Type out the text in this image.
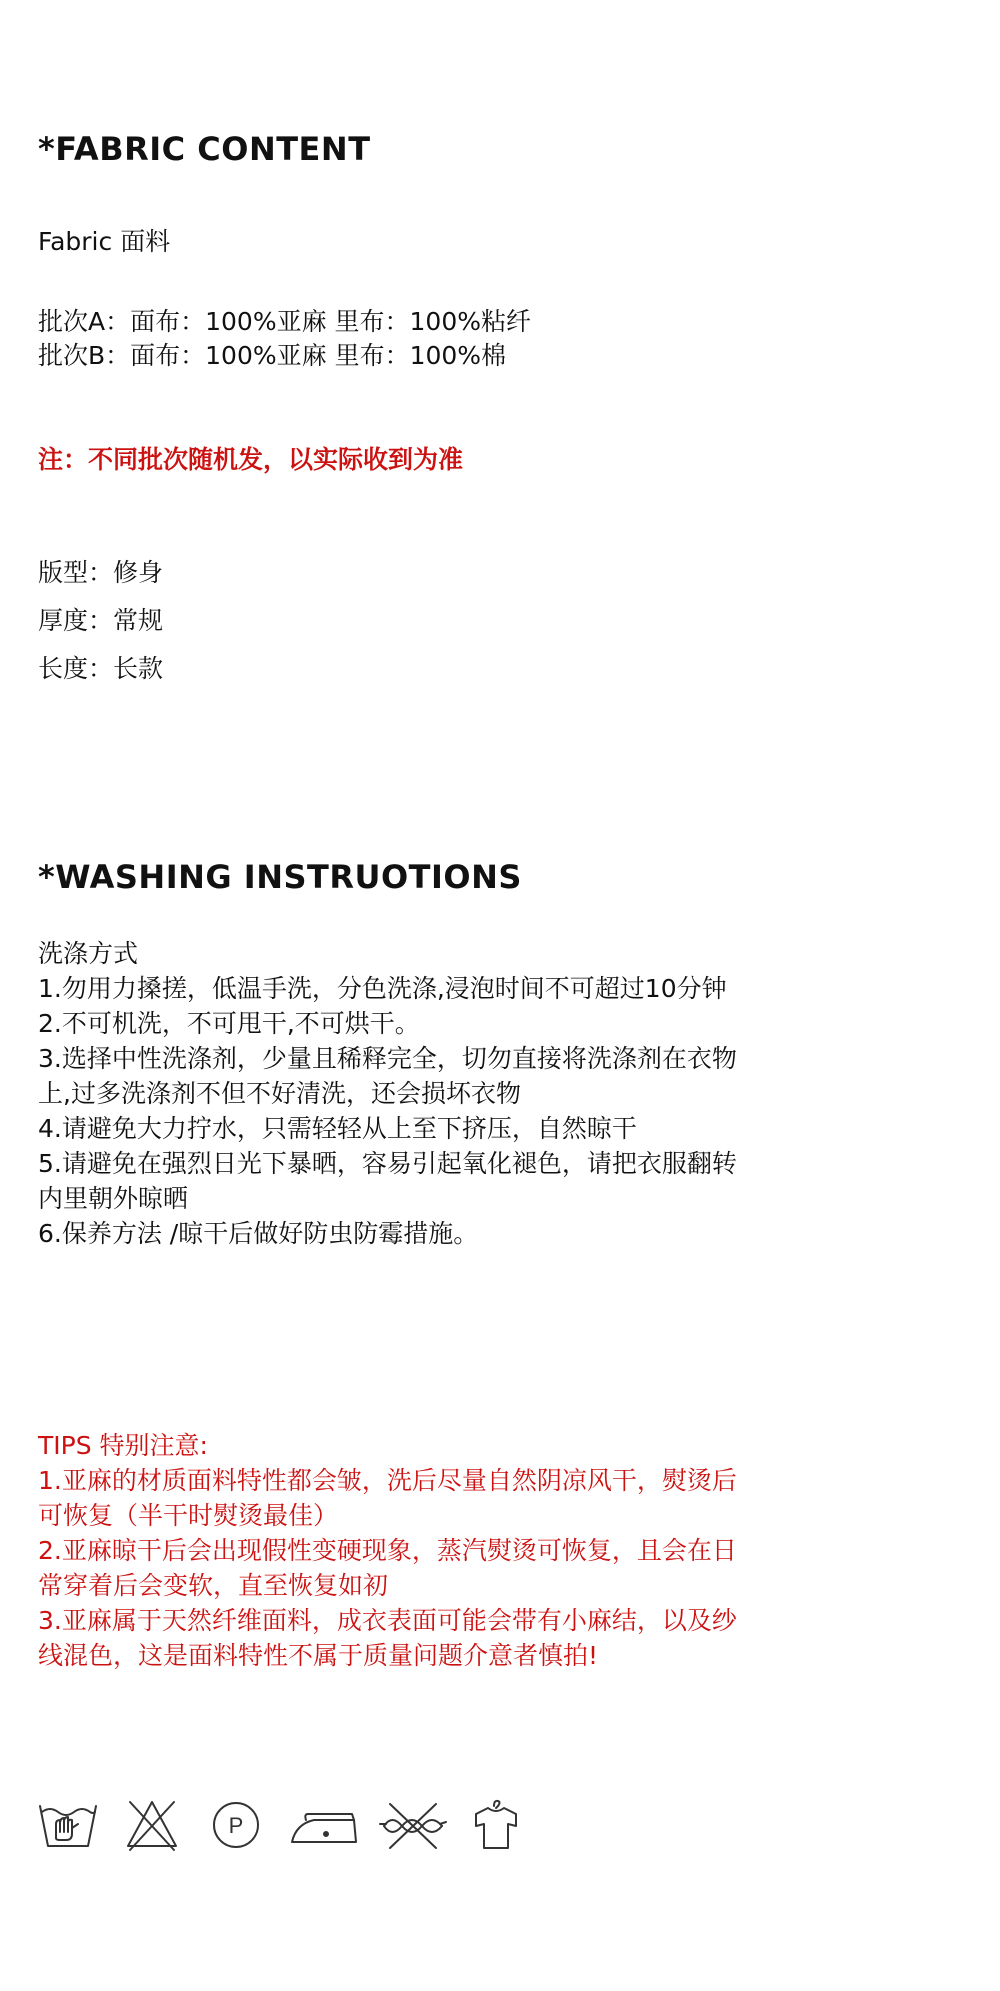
*FABRIC CONTENT
Fabric 面料
批次A：面布：100%亚麻 里布：100%粘纤
批次B：面布：100%亚麻 里布：100%棉
注：不同批次随机发，以实际收到为准
版型：修身
厚度：常规
长度：长款
*WASHING INSTRUOTIONS
洗涤方式
1.勿用力搡搓，低温手洗，分色洗涤,浸泡时间不可超过10分钟
2.不可机洗，不可甩干,不可烘干。
3.选择中性洗涤剂，少量且稀释完全，切勿直接将洗涤剂在衣物
上,过多洗涤剂不但不好清洗，还会损坏衣物
4.请避免大力拧水，只需轻轻从上至下挤压，自然晾干
5.请避免在强烈日光下暴晒，容易引起氧化褪色，请把衣服翻转
内里朝外晾晒
6.保养方法 /晾干后做好防虫防霉措施。
TIPS 特别注意:
1.亚麻的材质面料特性都会皱，洗后尽量自然阴凉风干，熨烫后
可恢复（半干时熨烫最佳）
2.亚麻晾干后会出现假性变硬现象，蒸汽熨烫可恢复，且会在日
常穿着后会变软，直至恢复如初
3.亚麻属于天然纤维面料，成衣表面可能会带有小麻结，以及纱
线混色，这是面料特性不属于质量问题介意者慎拍!
P
